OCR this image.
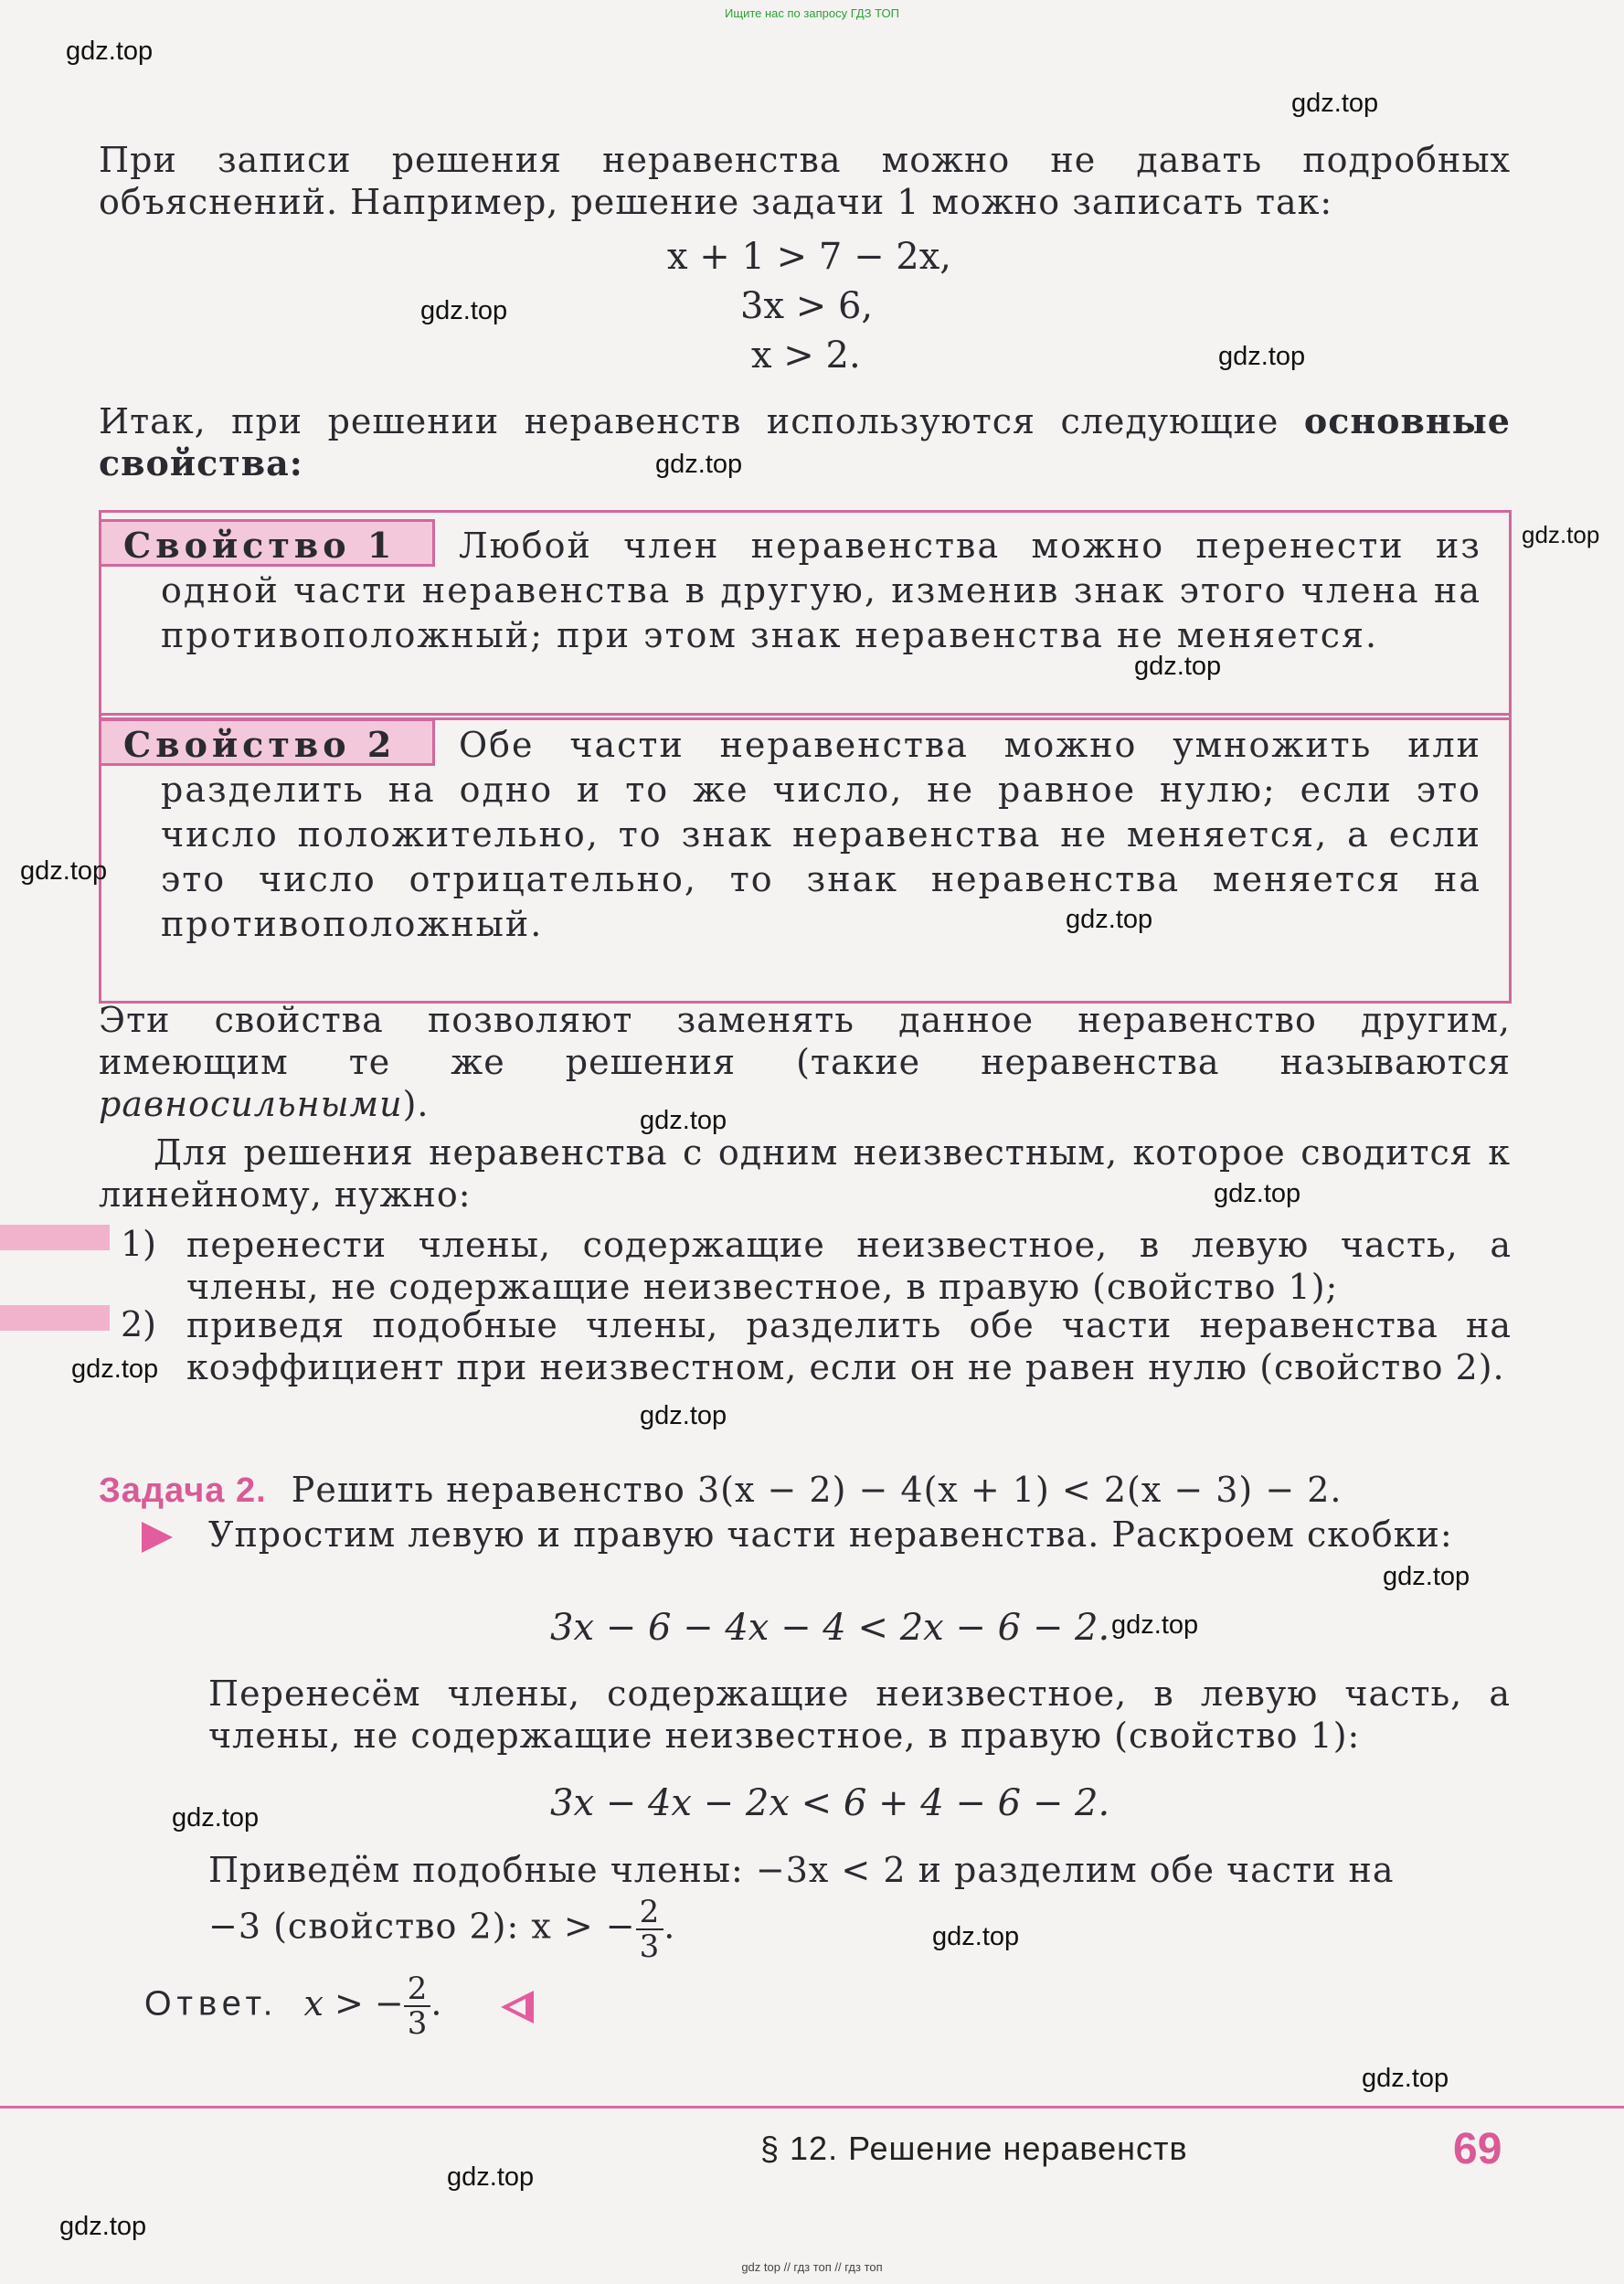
Ищите нас по запросу ГДЗ ТОП

При записи решения неравенства можно не давать подробных объяснений. Например, решение задачи 1 можно записать так:
x + 1 > 7 − 2x,
3x > 6,
x > 2.
Итак, при решении неравенств используются следующие основные свойства:
Свойство 1	Любой член неравенства можно перенести из одной части неравенства в другую, изменив знак этого члена на противоположный; при этом знак неравенства не меняется.
Свойство 2	Обе части неравенства можно умножить или разделить на одно и то же число, не равное нулю; если это число положительно, то знак неравенства не меняется, а если это число отрицательно, то знак неравенства меняется на противоположный.
Эти свойства позволяют заменять данное неравенство другим, имеющим те же решения (такие неравенства называются равносильными).
Для решения неравенства с одним неизвестным, которое сводится к линейному, нужно:
1) перенести члены, содержащие неизвестное, в левую часть, а члены, не содержащие неизвестное, в правую (свойство 1);
2) приведя подобные члены, разделить обе части неравенства на коэффициент при неизвестном, если он не равен нулю (свойство 2).
Задача 2. Решить неравенство 3(x − 2) − 4(x + 1) < 2(x − 3) − 2.
Упростим левую и правую части неравенства. Раскроем скобки:
3x − 6 − 4x − 4 < 2x − 6 − 2.
Перенесём члены, содержащие неизвестное, в левую часть, а члены, не содержащие неизвестное, в правую (свойство 1):
3x − 4x − 2x < 6 + 4 − 6 − 2.
Приведём подобные члены: −3x < 2 и разделим обе части на
−3 (свойство 2): x > − $\frac{2}{3}$ .
Ответ. x > − $\frac{2}{3}$ .
§ 12. Решение неравенств	69
gdz.top
gdz.top
gdz.top
gdz.top
gdz.top
gdz.top
gdz.top
gdz.top
gdz.top
gdz.top
gdz.top
gdz.top
gdz.top
gdz.top
gdz.top
gdz.top
gdz.top
gdz.top
gdz.top
gdz.top
gdz top // гдз топ // гдз топ
